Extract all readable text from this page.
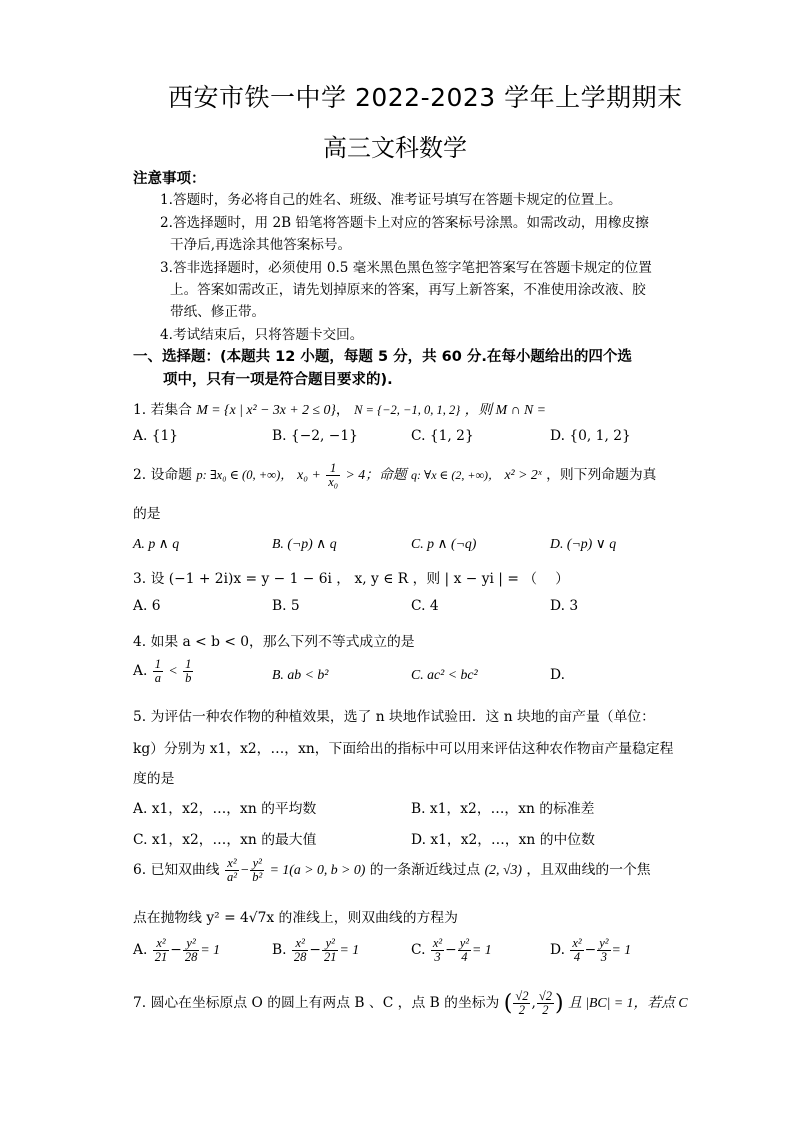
西安市铁一中学 2022-2023 学年上学期期末
高三文科数学
注意事项：
1.答题时，务必将自己的姓名、班级、准考证号填写在答题卡规定的位置上。
2.答选择题时，用 2B 铅笔将答题卡上对应的答案标号涂黑。如需改动，用橡皮擦
干净后,再选涂其他答案标号。
3.答非选择题时，必须使用 0.5 毫米黑色黑色签字笔把答案写在答题卡规定的位置
上。答案如需改正，请先划掉原来的答案，再写上新答案，不准使用涂改液、胶
带纸、修正带。
4.考试结束后，只将答题卡交回。
一、选择题：(本题共 12 小题，每题 5 分，共 60 分.在每小题给出的四个选
项中，只有一项是符合题目要求的).
1. 若集合 M = {x | x² − 3x + 2 ≤ 0}， N = {−2, −1, 0, 1, 2} ，则 M ∩ N =
A. {1}	B. {−2, −1}	C. {1, 2}	D. {0, 1, 2}
2. 设命题 p: ∃x₀ ∈ (0, +∞)， $x_0 + \frac{1}{\text{x₀}} > 4$；命题 q: ∀x ∈ (2, +∞)， x² > 2ˣ ，则下列命题为真
的是
A. p ∧ q	B. (¬p) ∧ q	C. p ∧ (¬q)	D. (¬p) ∨ q
3. 设 (−1 + 2i)x = y − 1 − 6i ， x, y ∈ R ，则 | x − yi | = （　 ）
A. 6	B. 5	C. 4	D. 3
4. 如果 a < b < 0，那么下列不等式成立的是
A. $\frac{1}{a} < \frac{1}{b}$	B. ab < b²	C. ac² < bc²	D.
5. 为评估一种农作物的种植效果，选了 n 块地作试验田．这 n 块地的亩产量（单位：
kg）分别为 x1，x2，…，xn，下面给出的指标中可以用来评估这种农作物亩产量稳定程
度的是
A. x1，x2，…，xn 的平均数	B. x1，x2，…，xn 的标准差
C. x1，x2，…，xn 的最大值	D. x1，x2，…，xn 的中位数
6. 已知双曲线 $\frac{\text{x²}}{\text{a²}} - \frac{\text{y²}}{\text{b²}} = 1(a > 0$, b > 0) 的一条渐近线过点 (2, √3) ，且双曲线的一个焦
点在抛物线 y² = 4√7x 的准线上，则双曲线的方程为
A. $\frac{\text{x²}}{21} - \frac{\text{y²}}{28} = 1$	B. $\frac{\text{x²}}{28} - \frac{\text{y²}}{21} = 1$	C. $\frac{\text{x²}}{3} - \frac{\text{y²}}{4} = 1$	D. $\frac{\text{x²}}{4} - \frac{\text{y²}}{3} = 1$
7. 圆心在坐标原点 O 的圆上有两点 B 、C ，点 B 的坐标为 ( $\frac{√2}{2}$ , $\frac{√2}{2}$ ) 且 |BC| = 1，若点 C
